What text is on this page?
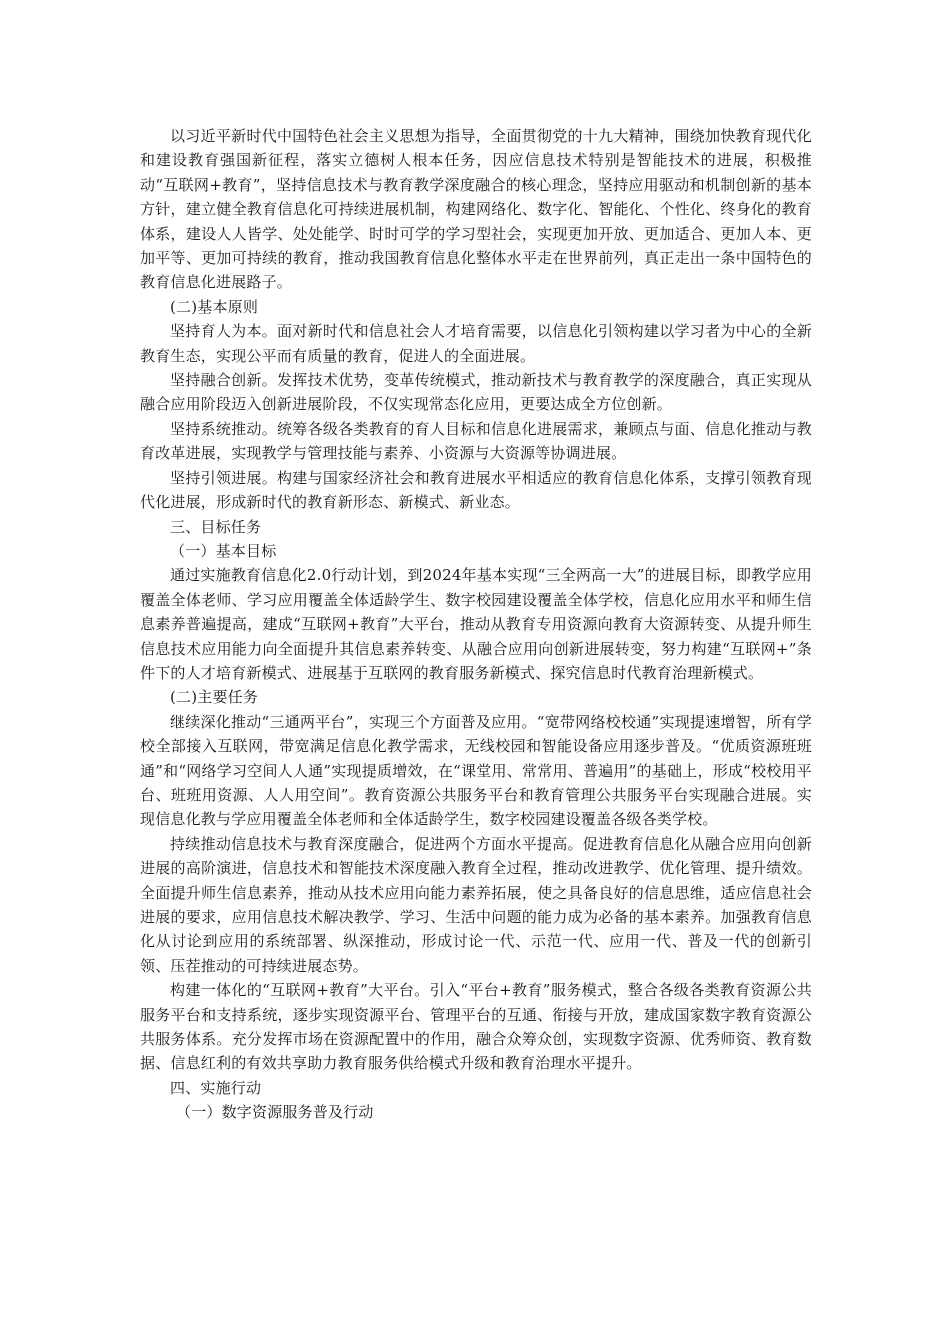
以习近平新时代中国特色社会主义思想为指导，全面贯彻党的十九大精神，围绕加快教育现代化和建设教育强国新征程，落实立德树人根本任务，因应信息技术特别是智能技术的进展，积极推动“互联网+教育”，坚持信息技术与教育教学深度融合的核心理念，坚持应用驱动和机制创新的基本方针，建立健全教育信息化可持续进展机制，构建网络化、数字化、智能化、个性化、终身化的教育体系，建设人人皆学、处处能学、时时可学的学习型社会，实现更加开放、更加适合、更加人本、更加平等、更加可持续的教育，推动我国教育信息化整体水平走在世界前列，真正走出一条中国特色的教育信息化进展路子。

(二)基本原则

坚持育人为本。面对新时代和信息社会人才培育需要，以信息化引领构建以学习者为中心的全新教育生态，实现公平而有质量的教育，促进人的全面进展。

坚持融合创新。发挥技术优势，变革传统模式，推动新技术与教育教学的深度融合，真正实现从融合应用阶段迈入创新进展阶段，不仅实现常态化应用，更要达成全方位创新。

坚持系统推动。统筹各级各类教育的育人目标和信息化进展需求，兼顾点与面、信息化推动与教育改革进展，实现教学与管理技能与素养、小资源与大资源等协调进展。

坚持引领进展。构建与国家经济社会和教育进展水平相适应的教育信息化体系，支撑引领教育现代化进展，形成新时代的教育新形态、新模式、新业态。

三、目标任务

（一）基本目标

通过实施教育信息化2.0行动计划，到2024年基本实现“三全两高一大”的进展目标，即教学应用覆盖全体老师、学习应用覆盖全体适龄学生、数字校园建设覆盖全体学校，信息化应用水平和师生信息素养普遍提高，建成“互联网+教育”大平台，推动从教育专用资源向教育大资源转变、从提升师生信息技术应用能力向全面提升其信息素养转变、从融合应用向创新进展转变，努力构建“互联网+”条件下的人才培育新模式、进展基于互联网的教育服务新模式、探究信息时代教育治理新模式。

(二)主要任务

继续深化推动“三通两平台”，实现三个方面普及应用。“宽带网络校校通”实现提速增智，所有学校全部接入互联网，带宽满足信息化教学需求，无线校园和智能设备应用逐步普及。“优质资源班班通”和“网络学习空间人人通”实现提质增效，在“课堂用、常常用、普遍用”的基础上，形成“校校用平台、班班用资源、人人用空间”。教育资源公共服务平台和教育管理公共服务平台实现融合进展。实现信息化教与学应用覆盖全体老师和全体适龄学生，数字校园建设覆盖各级各类学校。

持续推动信息技术与教育深度融合，促进两个方面水平提高。促进教育信息化从融合应用向创新进展的高阶演进，信息技术和智能技术深度融入教育全过程，推动改进教学、优化管理、提升绩效。全面提升师生信息素养，推动从技术应用向能力素养拓展，使之具备良好的信息思维，适应信息社会进展的要求，应用信息技术解决教学、学习、生活中问题的能力成为必备的基本素养。加强教育信息化从讨论到应用的系统部署、纵深推动，形成讨论一代、示范一代、应用一代、普及一代的创新引领、压茬推动的可持续进展态势。

构建一体化的“互联网+教育”大平台。引入“平台+教育”服务模式，整合各级各类教育资源公共服务平台和支持系统，逐步实现资源平台、管理平台的互通、衔接与开放，建成国家数字教育资源公共服务体系。充分发挥市场在资源配置中的作用，融合众筹众创，实现数字资源、优秀师资、教育数据、信息红利的有效共享助力教育服务供给模式升级和教育治理水平提升。

四、实施行动

（一）数字资源服务普及行动
